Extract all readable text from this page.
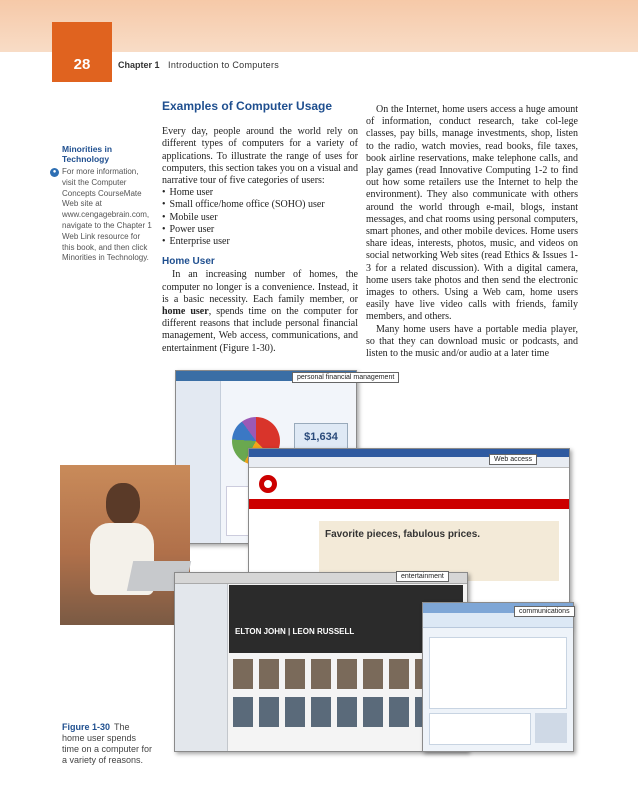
28	Chapter 1 Introduction to Computers
Minorities in Technology
● For more information, visit the Computer Concepts CourseMate Web site at www.cengagebrain.com, navigate to the Chapter 1 Web Link resource for this book, and then click Minorities in Technology.
Examples of Computer Usage

Every day, people around the world rely on different types of computers for a variety of applications. To illustrate the range of uses for computers, this section takes you on a visual and narrative tour of five categories of users:

• Home user
• Small office/home office (SOHO) user
• Mobile user
• Power user
• Enterprise user
Home User

In an increasing number of homes, the computer no longer is a convenience. Instead, it is a basic necessity. Each family member, or home user, spends time on the computer for different reasons that include personal financial management, Web access, communications, and entertainment (Figure 1-30).

On the Internet, home users access a huge amount of information, conduct research, take col-lege classes, pay bills, manage investments, shop, listen to the radio, watch movies, read books, file taxes, book airline reservations, make telephone calls, and play games (read Innovative Computing 1-2 to find out how some retailers use the Internet to help the environment). They also communicate with others around the world through e-mail, blogs, instant messages, and chat rooms using personal computers, smart phones, and other mobile devices. Home users share ideas, interests, photos, music, and videos on social networking Web sites (read Ethics & Issues 1-3 for a related discussion). With a digital camera, home users take photos and then send the electronic images to others. Using a Web cam, home users easily have live video calls with friends, family members, and others.

Many home users have a portable media player, so that they can download music or podcasts, and listen to the music and/or audio at a later time

$1,634
Favorite pieces, fabulous prices.
ELTON JOHN | LEON RUSSELL
personal financial management
Web access
entertainment
communications
Figure 1-30 The home user spends time on a computer for a variety of reasons.
